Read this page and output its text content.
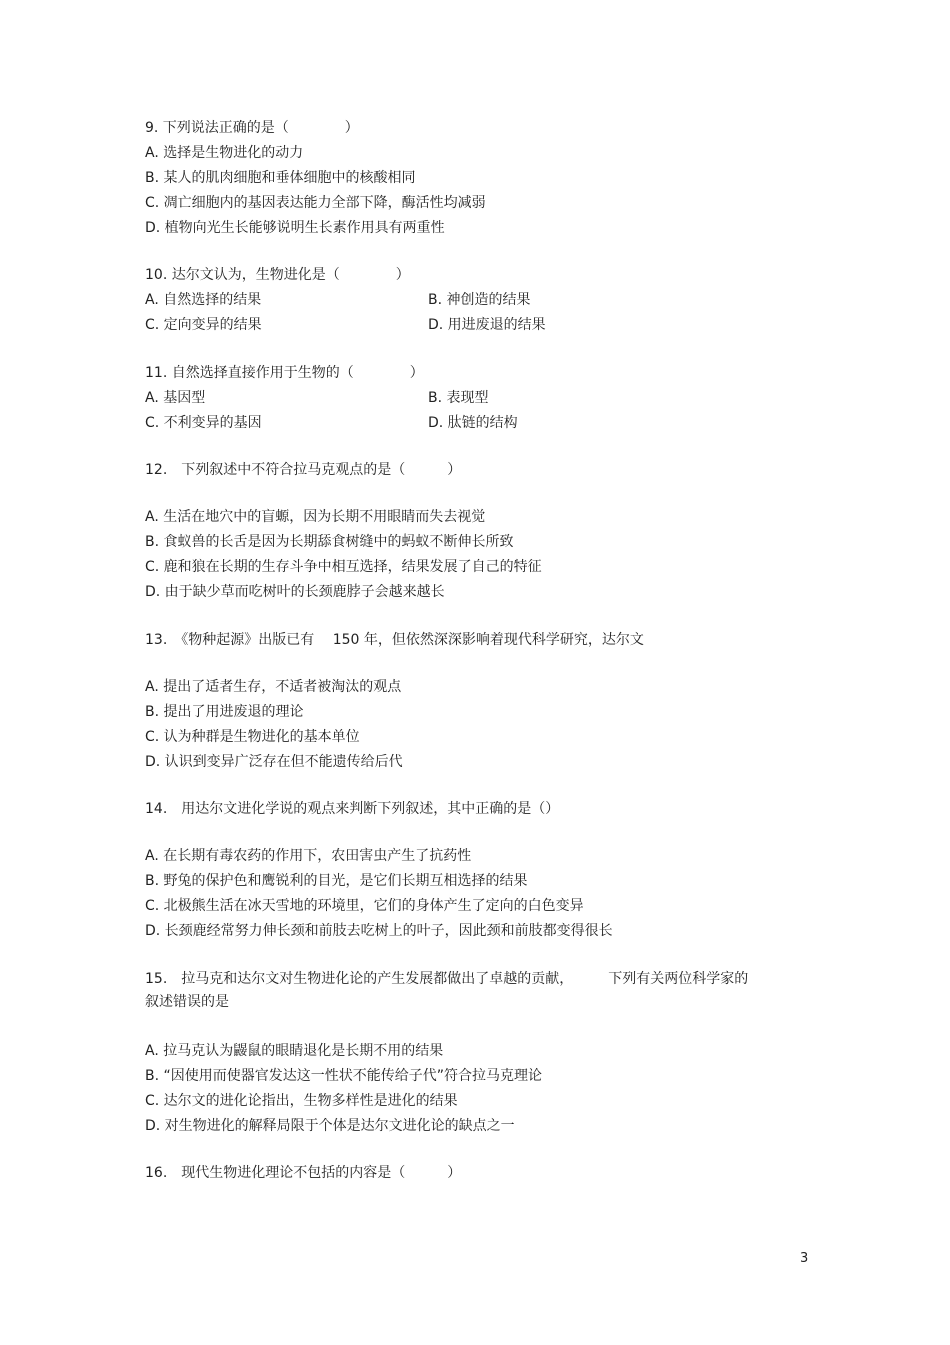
9. 下列说法正确的是（　　　　）
A. 选择是生物进化的动力
B. 某人的肌肉细胞和垂体细胞中的核酸相同
C. 凋亡细胞内的基因表达能力全部下降，酶活性均减弱
D. 植物向光生长能够说明生长素作用具有两重性
10. 达尔文认为，生物进化是（　　　　）
A. 自然选择的结果	B. 神创造的结果
C. 定向变异的结果	D. 用进废退的结果
11. 自然选择直接作用于生物的（　　　　）
A. 基因型	B. 表现型
C. 不利变异的基因	D. 肽链的结构
12.　下列叙述中不符合拉马克观点的是（　　　）
A. 生活在地穴中的盲螈，因为长期不用眼睛而失去视觉
B. 食蚁兽的长舌是因为长期舔食树缝中的蚂蚁不断伸长所致
C. 鹿和狼在长期的生存斗争中相互选择，结果发展了自己的特征
D. 由于缺少草而吃树叶的长颈鹿脖子会越来越长
13.　《物种起源》出版已有　 150 年，但依然深深影响着现代科学研究，达尔文
A. 提出了适者生存，不适者被淘汰的观点
B. 提出了用进废退的理论
C. 认为种群是生物进化的基本单位
D. 认识到变异广泛存在但不能遗传给后代
14.　用达尔文进化学说的观点来判断下列叙述，其中正确的是（）
A. 在长期有毒农药的作用下，农田害虫产生了抗药性
B. 野兔的保护色和鹰锐利的目光，是它们长期互相选择的结果
C. 北极熊生活在冰天雪地的环境里，它们的身体产生了定向的白色变异
D. 长颈鹿经常努力伸长颈和前肢去吃树上的叶子，因此颈和前肢都变得很长
15.　拉马克和达尔文对生物进化论的产生发展都做出了卓越的贡献，　　　下列有关两位科学家的
叙述错误的是
A. 拉马克认为鼹鼠的眼睛退化是长期不用的结果
B. “因使用而使器官发达这一性状不能传给子代”符合拉马克理论
C. 达尔文的进化论指出，生物多样性是进化的结果
D. 对生物进化的解释局限于个体是达尔文进化论的缺点之一
16.　现代生物进化理论不包括的内容是（　　　）
3
